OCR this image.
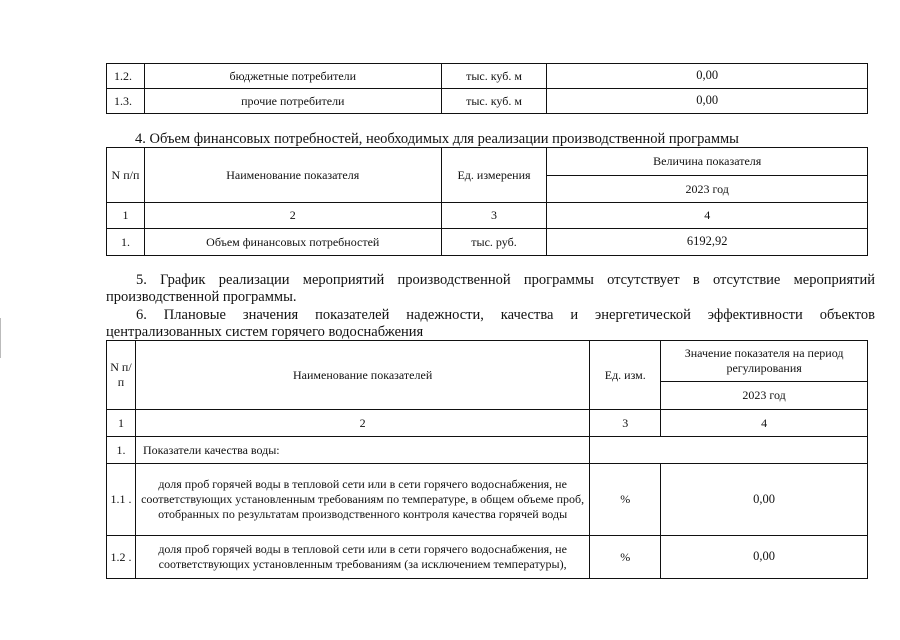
1.2.	бюджетные потребители	тыс. куб. м	0,00
1.3.	прочие потребители	тыс. куб. м	0,00
4. Объем финансовых потребностей, необходимых для реализации производственной программы
N п/п	Наименование показателя	Ед. измерения	Величина показателя
			2023 год
1	2	3	4
1.	Объем финансовых потребностей	тыс. руб.	6192,92
5. График реализации мероприятий производственной программы отсутствует в отсутствие мероприятий
производственной программы.
6. Плановые значения показателей надежности, качества и энергетической эффективности объектов
централизованных систем горячего водоснабжения
N п/п	Наименование показателей	Ед. изм.	Значение показателя на период регулирования
			2023 год
1	2	3	4
1.	Показатели качества воды:		
1.1 .	доля проб горячей воды в тепловой сети или в сети горячего водоснабжения, не соответствующих установленным требованиям по температуре, в общем объеме проб, отобранных по результатам производственного контроля качества горячей воды	%	0,00
1.2 .	доля проб горячей воды в тепловой сети или в сети горячего водоснабжения, не соответствующих установленным требованиям (за исключением температуры),	%	0,00
